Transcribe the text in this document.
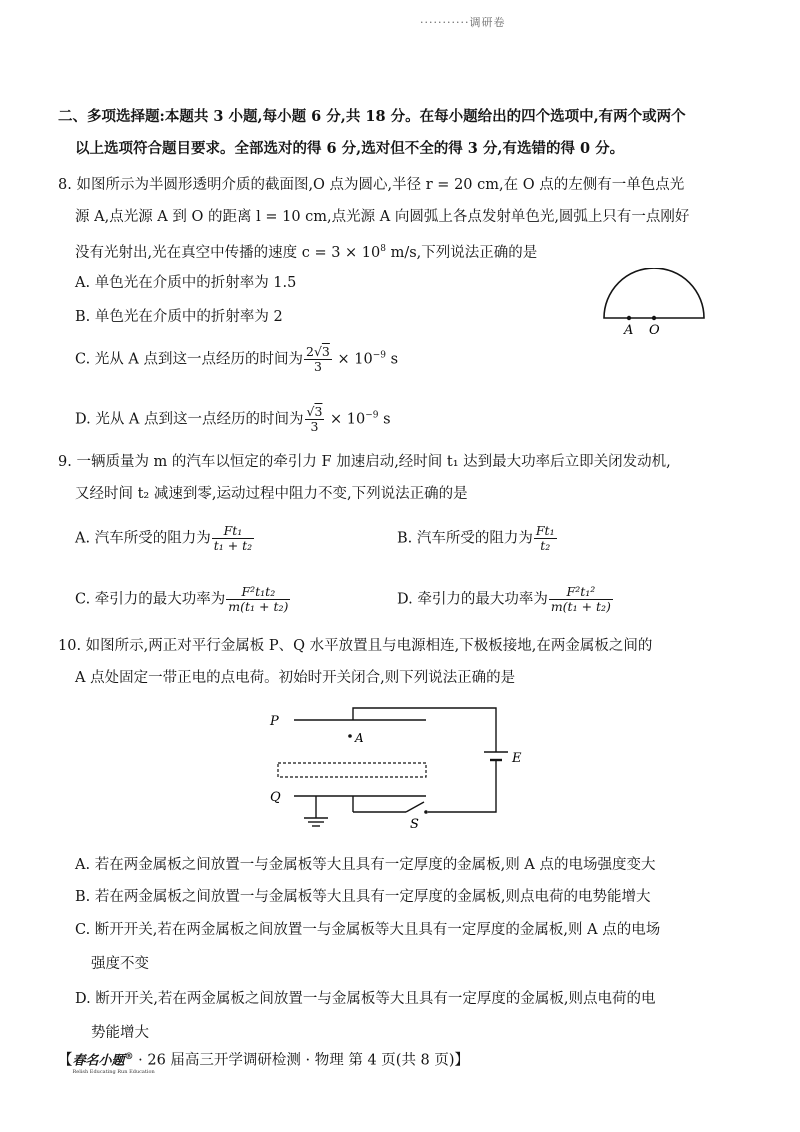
···········调研卷
二、多项选择题:本题共 3 小题,每小题 6 分,共 18 分。在每小题给出的四个选项中,有两个或两个
以上选项符合题目要求。全部选对的得 6 分,选对但不全的得 3 分,有选错的得 0 分。
8. 如图所示为半圆形透明介质的截面图,O 点为圆心,半径 r = 20 cm,在 O 点的左侧有一单色点光
源 A,点光源 A 到 O 的距离 l = 10 cm,点光源 A 向圆弧上各点发射单色光,圆弧上只有一点刚好
没有光射出,光在真空中传播的速度 $c = 3 \times 10^8$ m/s,下列说法正确的是
A. 单色光在介质中的折射率为 1.5
B. 单色光在介质中的折射率为 2
C. 光从 A 点到这一点经历的时间为 $\frac{2√3}{3} \times 10^{-9}$ s
D. 光从 A 点到这一点经历的时间为 $\frac{√3}{3} \times 10^{-9}$ s
A O
9. 一辆质量为 m 的汽车以恒定的牵引力 F 加速启动,经时间 t₁ 达到最大功率后立即关闭发动机,
又经时间 t₂ 减速到零,运动过程中阻力不变,下列说法正确的是
A. 汽车所受的阻力为 $\frac{\text{Ft₁}}{\text{t₁ + t₂}}$	B. 汽车所受的阻力为 $\frac{\text{Ft₁}}{\text{t₂}}$
C. 牵引力的最大功率为 $\frac{\text{F²t₁t₂}}{\text{m(t₁ + t₂)}}$	D. 牵引力的最大功率为 $\frac{\text{F²t₁²}}{\text{m(t₁ + t₂)}}$
10. 如图所示,两正对平行金属板 P、Q 水平放置且与电源相连,下极板接地,在两金属板之间的
A 点处固定一带正电的点电荷。初始时开关闭合,则下列说法正确的是
P
A
Q
E
S
A. 若在两金属板之间放置一与金属板等大且具有一定厚度的金属板,则 A 点的电场强度变大
B. 若在两金属板之间放置一与金属板等大且具有一定厚度的金属板,则点电荷的电势能增大
C. 断开开关,若在两金属板之间放置一与金属板等大且具有一定厚度的金属板,则 A 点的电场
强度不变
D. 断开开关,若在两金属板之间放置一与金属板等大且具有一定厚度的金属板,则点电荷的电
势能增大
【春名小题®
Relish Educating Run Education
· 26 届高三开学调研检测 · 物理 第 4 页(共 8 页)】
